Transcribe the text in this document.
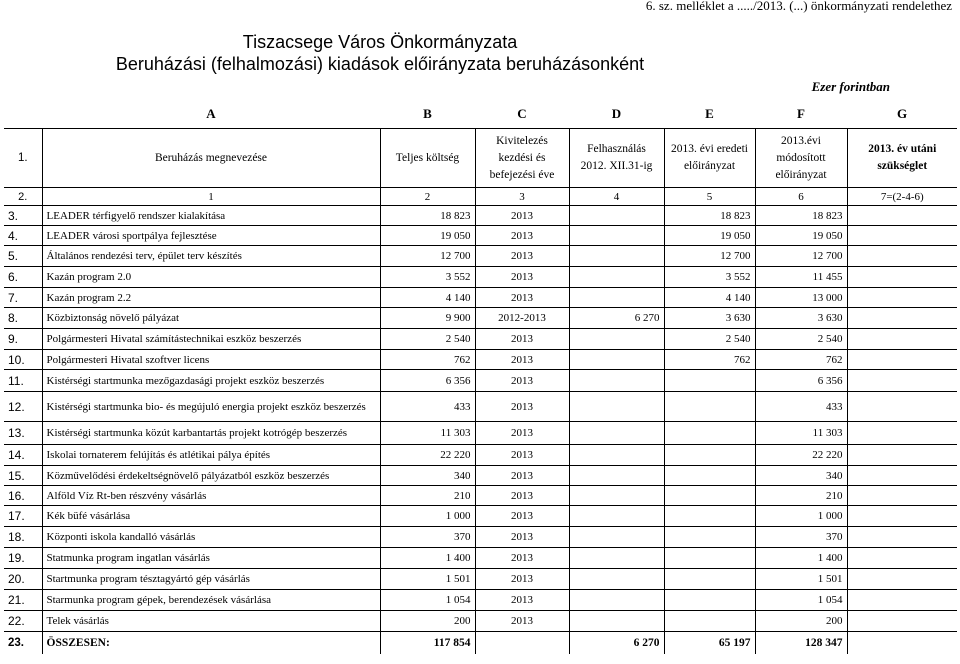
6. sz. melléklet a ...../2013. (...) önkormányzati rendelethez
Tiszacsege Város Önkormányzata
Beruházási (felhalmozási) kiadások előirányzata beruházásonként
Ezer forintban
	A	B	C	D	E	F	G
1.	Beruházás megnevezése	Teljes költség	Kivitelezés kezdési és befejezési éve	Felhasználás 2012. XII.31-ig	2013. évi eredeti előirányzat	2013.évi módosított előirányzat	2013. év utáni szükséglet
2.	1	2	3	4	5	6	7=(2-4-6)
3.	LEADER térfigyelő rendszer kialakítása	18 823	2013		18 823	18 823	
4.	LEADER városi sportpálya fejlesztése	19 050	2013		19 050	19 050	
5.	Általános rendezési terv, épület terv készítés	12 700	2013		12 700	12 700	
6.	Kazán program 2.0	3 552	2013		3 552	11 455	
7.	Kazán program 2.2	4 140	2013		4 140	13 000	
8.	Közbiztonság növelő pályázat	9 900	2012-2013	6 270	3 630	3 630	
9.	Polgármesteri Hivatal számítástechnikai eszköz beszerzés	2 540	2013		2 540	2 540	
10.	Polgármesteri Hivatal szoftver licens	762	2013		762	762	
11.	Kistérségi startmunka mezőgazdasági projekt eszköz beszerzés	6 356	2013			6 356	
12.	Kistérségi startmunka bio- és megújuló energia projekt eszköz beszerzés	433	2013			433	
13.	Kistérségi startmunka közút karbantartás projekt kotrógép beszerzés	11 303	2013			11 303	
14.	Iskolai tornaterem felújítás és atlétikai pálya építés	22 220	2013			22 220	
15.	Közművelődési érdekeltségnövelő pályázatból eszköz beszerzés	340	2013			340	
16.	Alföld Víz Rt-ben részvény vásárlás	210	2013			210	
17.	Kék büfé vásárlása	1 000	2013			1 000	
18.	Központi iskola kandalló vásárlás	370	2013			370	
19.	Statmunka program ingatlan vásárlás	1 400	2013			1 400	
20.	Startmunka program tésztagyártó gép vásárlás	1 501	2013			1 501	
21.	Starmunka program gépek, berendezések vásárlása	1 054	2013			1 054	
22.	Telek vásárlás	200	2013			200	
23.	ÖSSZESEN:	117 854		6 270	65 197	128 347	
